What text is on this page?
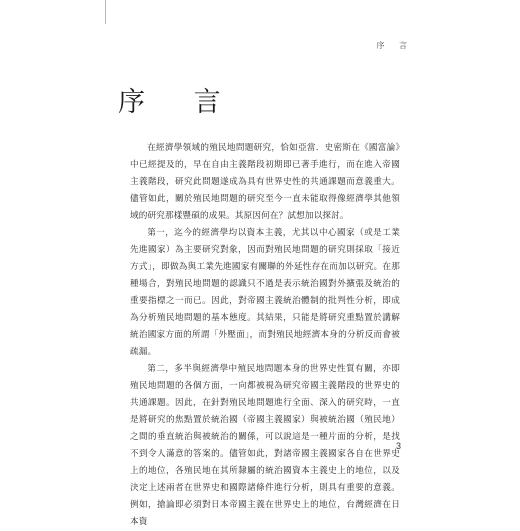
序 言
序 言

在經濟學領域的殖民地問題研究，恰如亞當．史密斯在《國富論》中已經提及的，早在自由主義階段初期即已著手進行，而在進入帝國主義階段，研究此問題遂成為具有世界史性的共通課題而意義重大。儘管如此，關於殖民地問題的研究至今一直未能取得像經濟學其他領域的研究那樣豐碩的成果。其原因何在？試想加以探討。

第一，迄今的經濟學均以資本主義，尤其以中心國家（或是工業先進國家）為主要研究對象，因而對殖民地問題的研究則採取「接近方式」，即做為與工業先進國家有關聯的外延性存在而加以研究。在那種場合，對殖民地問題的認識只不過是表示統治國對外擴張及統治的重要指標之一而已。因此，對帝國主義統治體制的批判性分析，即成為分析殖民地問題的基本態度。其結果，只能是將研究重點置於講解統治國家方面的所謂「外壓面」，而對殖民地經濟本身的分析反而會被疏漏。

第二，多半與經濟學中殖民地問題本身的世界史性質有關，亦即殖民地問題的各個方面，一向都被視為研究帝國主義階段的世界史的共通課題。因此，在針對殖民地問題進行全面、深入的研究時，一直是將研究的焦點置於統治國（帝國主義國家）與被統治國（殖民地）之間的垂直統治與被統治的關係，可以說這是一種片面的分析，是找不到令人滿意的答案的。儘管如此，對諸帝國主義國家各自在世界史上的地位，各殖民地在其所隸屬的統治國資本主義史上的地位，以及決定上述兩者在世界史和國際諸條件進行分析，則具有重要的意義。例如，搶論即必須對日本帝國主義在世界史上的地位，台灣經濟在日本資

3
